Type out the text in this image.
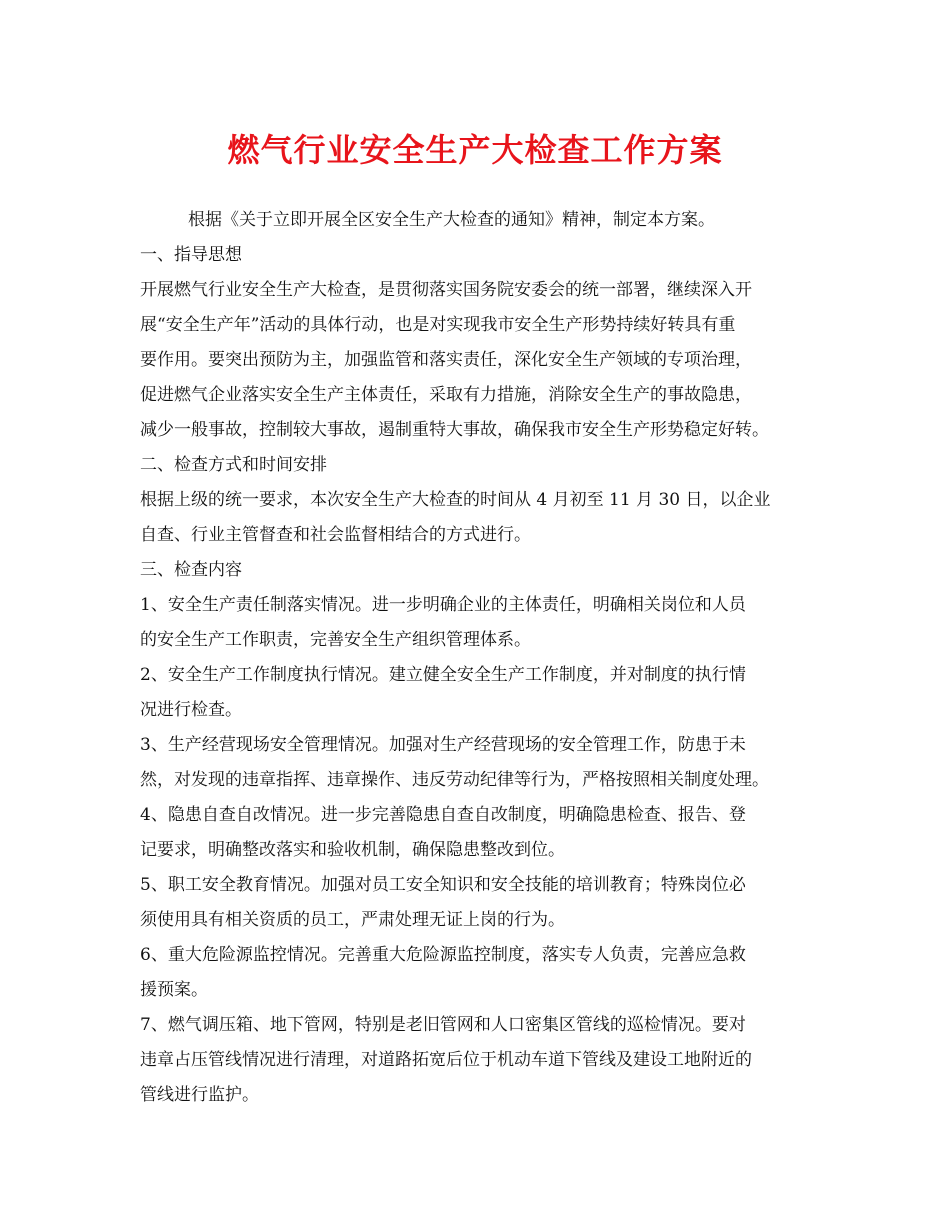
燃气行业安全生产大检查工作方案
根据《关于立即开展全区安全生产大检查的通知》精神，制定本方案。
一、指导思想
开展燃气行业安全生产大检查，是贯彻落实国务院安委会的统一部署，继续深入开
展“安全生产年”活动的具体行动，也是对实现我市安全生产形势持续好转具有重
要作用。要突出预防为主，加强监管和落实责任，深化安全生产领域的专项治理，
促进燃气企业落实安全生产主体责任，采取有力措施，消除安全生产的事故隐患，
减少一般事故，控制较大事故，遏制重特大事故，确保我市安全生产形势稳定好转。
二、检查方式和时间安排
根据上级的统一要求，本次安全生产大检查的时间从 4 月初至 11 月 30 日，以企业
自查、行业主管督查和社会监督相结合的方式进行。
三、检查内容
1、安全生产责任制落实情况。进一步明确企业的主体责任，明确相关岗位和人员
的安全生产工作职责，完善安全生产组织管理体系。
2、安全生产工作制度执行情况。建立健全安全生产工作制度，并对制度的执行情
况进行检查。
3、生产经营现场安全管理情况。加强对生产经营现场的安全管理工作，防患于未
然，对发现的违章指挥、违章操作、违反劳动纪律等行为，严格按照相关制度处理。
4、隐患自查自改情况。进一步完善隐患自查自改制度，明确隐患检查、报告、登
记要求，明确整改落实和验收机制，确保隐患整改到位。
5、职工安全教育情况。加强对员工安全知识和安全技能的培训教育；特殊岗位必
须使用具有相关资质的员工，严肃处理无证上岗的行为。
6、重大危险源监控情况。完善重大危险源监控制度，落实专人负责，完善应急救
援预案。
7、燃气调压箱、地下管网，特别是老旧管网和人口密集区管线的巡检情况。要对
违章占压管线情况进行清理，对道路拓宽后位于机动车道下管线及建设工地附近的
管线进行监护。
